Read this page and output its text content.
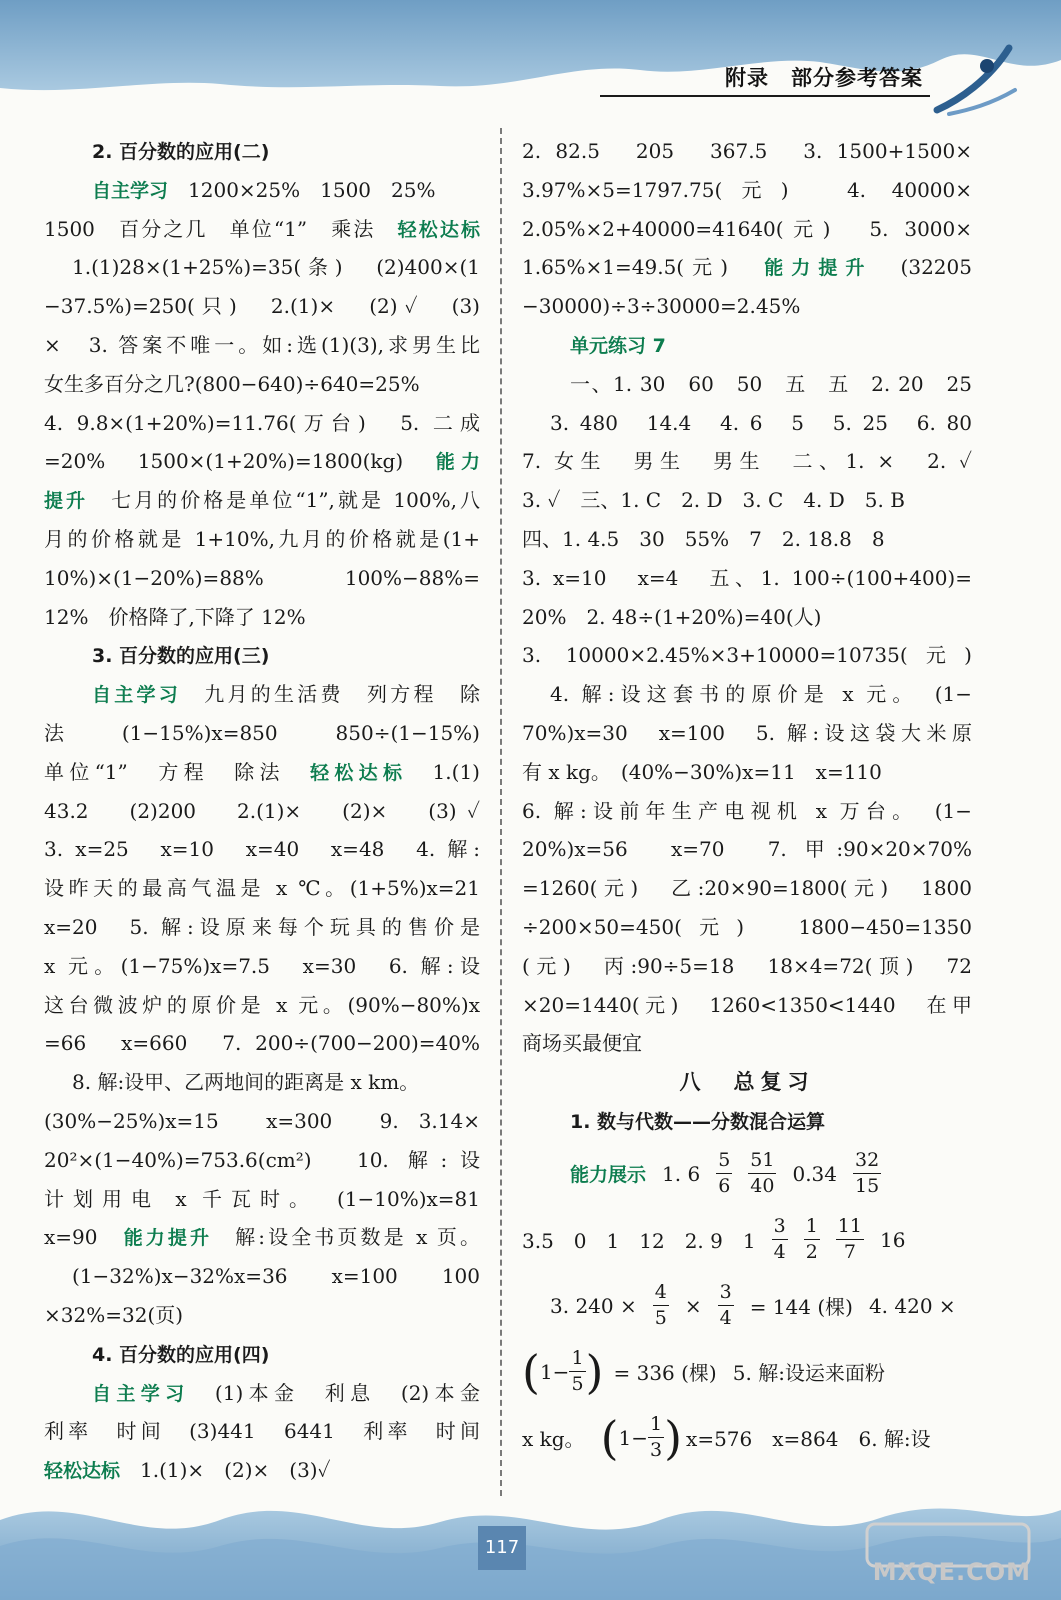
附录 部分参考答案
2. 百分数的应用(二)
自主学习　1200×25%　1500　25%
1500　百分之几　单位“1”　乘法　轻松达标
1.(1)28×(1+25%)=35(条)　(2)400×(1
−37.5%)=250(只)　2.(1)×　(2)✓　(3)
×　3. 答案不唯一。如:选(1)(3),求男生比
女生多百分之几?(800−640)÷640=25%
4. 9.8×(1+20%)=11.76(万台)　5. 二成
=20%　1500×(1+20%)=1800(kg)　能力
提升　七月的价格是单位“1”,就是 100%,八
月的价格就是 1+10%,九月的价格就是(1+
10%)×(1−20%)=88%　100%−88%=
12%　价格降了,下降了 12%
3. 百分数的应用(三)
自主学习　九月的生活费　列方程　除
法　(1−15%)x=850　850÷(1−15%)
单位“1”　方程　除法　轻松达标　1.(1)
43.2　(2)200　2.(1)×　(2)×　(3)✓
3. x=25　x=10　x=40　x=48　4. 解:
设昨天的最高气温是 x ℃。(1+5%)x=21
x=20　5. 解:设原来每个玩具的售价是
x 元。(1−75%)x=7.5　x=30　6. 解:设
这台微波炉的原价是 x 元。(90%−80%)x
=66　x=660　7. 200÷(700−200)=40%
8. 解:设甲、乙两地间的距离是 x km。
(30%−25%)x=15　x=300　9. 3.14×
20²×(1−40%)=753.6(cm²)　10. 解:设
计划用电 x 千瓦时。　(1−10%)x=81
x=90　能力提升　解:设全书页数是 x 页。
(1−32%)x−32%x=36　x=100　100
×32%=32(页)
4. 百分数的应用(四)
自主学习　(1)本金　利息　(2)本金
利率　时间　(3)441　6441　利率　时间
轻松达标　1.(1)×　(2)×　(3)✓
2. 82.5　205　367.5　3. 1500+1500×
3.97%×5=1797.75(元)　4. 40000×
2.05%×2+40000=41640(元)　5. 3000×
1.65%×1=49.5(元)　能力提升　(32205
−30000)÷3÷30000=2.45%
单元练习 7
一、1. 30　60　50　五　五　2. 20　25
3. 480　14.4　4. 6　5　5. 25　6. 80
7. 女生　男生　男生　二、1. ×　2. ✓
3. ✓　三、1. C　2. D　3. C　4. D　5. B
四、1. 4.5　30　55%　7　2. 18.8　8
3. x=10　x=4　五、1. 100÷(100+400)=
20%　2. 48÷(1+20%)=40(人)
3. 10000×2.45%×3+10000=10735(元)
4. 解:设这套书的原价是 x 元。　(1−
70%)x=30　x=100　5. 解:设这袋大米原
有 x kg。　(40%−30%)x=11　x=110
6. 解:设前年生产电视机 x 万台。　(1−
20%)x=56　x=70　7. 甲:90×20×70%
=1260(元)　乙:20×90=1800(元)　1800
÷200×50=450(元)　1800−450=1350
(元)　丙:90÷5=18　18×4=72(顶)　72
×20=1440(元)　1260<1350<1440　在甲
商场买最便宜
八　总复习
1. 数与代数——分数混合运算
能力展示 1. $6 \frac{5}{6} \frac{51}{40} 0.34 \frac{32}{15}$
3.5　0　1　12　2. 9　$1 \frac{3}{4} \frac{1}{2} \frac{11}{7} 16$
3. $240 \times \frac{4}{5} \times \frac{3}{4} = 144$ (棵) 4. 420 ×
( $1- \frac{1}{5}$ ) = 336 (棵) 5. 解:设运来面粉
x kg。 ( $1- \frac{1}{3}$ ) x=576　x=864　6. 解:设
117
MXQE.COM
